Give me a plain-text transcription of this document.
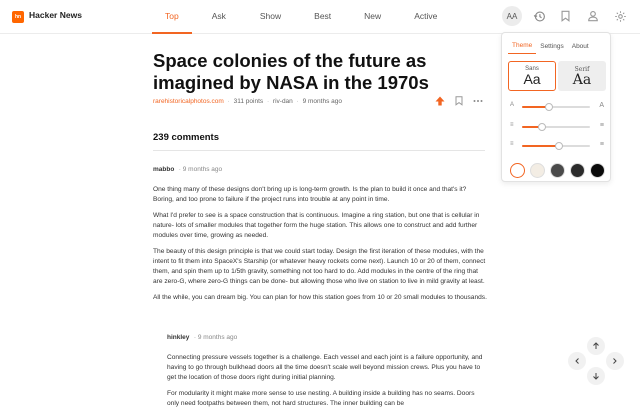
hn Hacker News	Top	Ask	Show	Best	New	Active	AA
Space colonies of the future as imagined by NASA in the 1970s
rarehistoricalphotos.com · 311 points · riv-dan · 9 months ago
239 comments
mabbo · 9 months ago

One thing many of these designs don't bring up is long-term growth. Is the plan to build it once and that's it? Boring, and too prone to failure if the project runs into trouble at any point in time.

What I'd prefer to see is a space construction that is continuous. Imagine a ring station, but one that is cellular in nature- lots of smaller modules that together form the huge station. This allows one to construct and add further modules over time, growing as needed.

The beauty of this design principle is that we could start today. Design the first iteration of these modules, with the intent to fit them into SpaceX's Starship (or whatever heavy rockets come next). Launch 10 or 20 of them, connect them, and spin them up to 1/5th gravity, something not too hard to do. Add modules in the centre of the ring that are zero-G, where zero-G things can be done- but allowing those who live on station to live in mild gravity at least.

All the while, you can dream big. You can plan for how this station goes from 10 or 20 small modules to thousands.

hinkley · 9 months ago

Connecting pressure vessels together is a challenge. Each vessel and each joint is a failure opportunity, and having to go through bulkhead doors all the time doesn't scale well beyond mission crews. Plus you have to get the location of those doors right during initial planning.

For modularity it might make more sense to use nesting. A building inside a building has no seams. Doors only need footpaths between them, not hard structures. The inner building can be

Theme	Settings	About
Sans
Aa
Serif
Aa
A	A
≡	≡
≡	≡
